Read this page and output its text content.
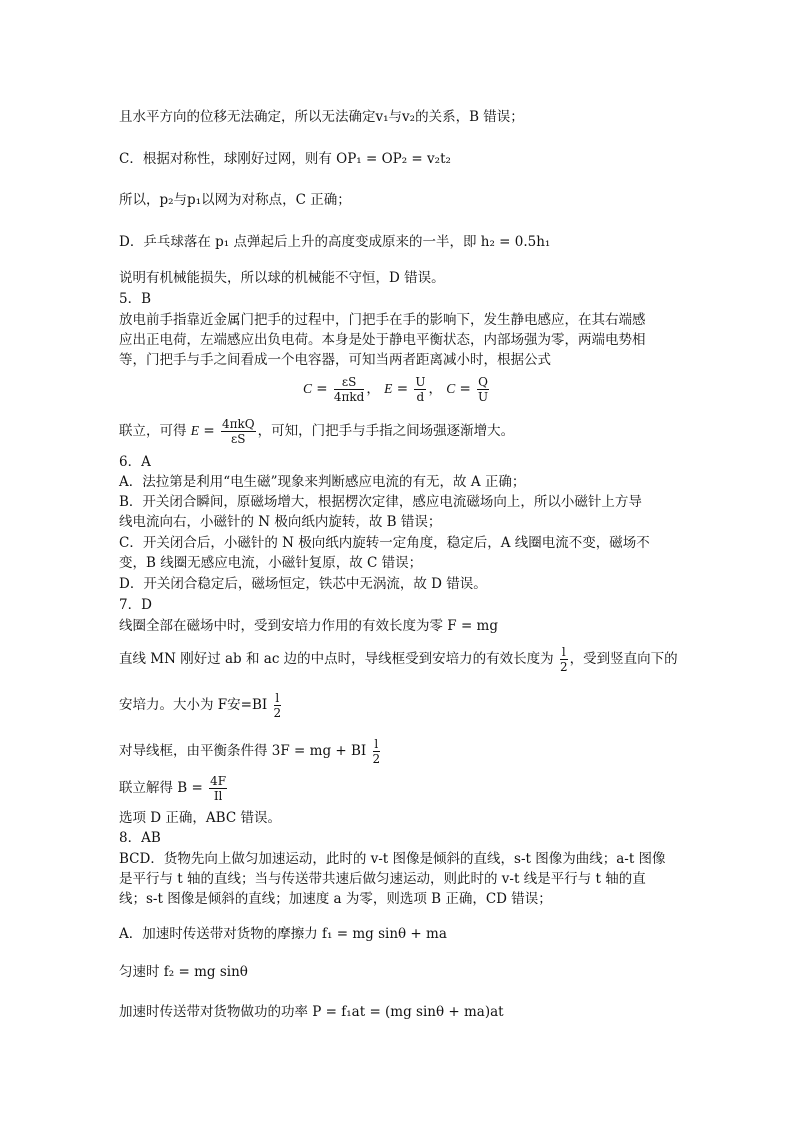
且水平方向的位移无法确定，所以无法确定v₁与v₂的关系，B 错误；
C．根据对称性，球刚好过网，则有 OP₁ = OP₂ = v₂t₂
所以，p₂与p₁以网为对称点，C 正确；
D．乒乓球落在 p₁ 点弹起后上升的高度变成原来的一半，即 h₂ = 0.5h₁
说明有机械能损失，所以球的机械能不守恒，D 错误。
5．B
放电前手指靠近金属门把手的过程中，门把手在手的影响下，发生静电感应，在其右端感
应出正电荷，左端感应出负电荷。本身是处于静电平衡状态，内部场强为零，两端电势相
等，门把手与手之间看成一个电容器，可知当两者距离减小时，根据公式
$C = \frac{\varepsilon S}{\text{4πkd}}$ ， $E = \frac{U}{d}$ ， $C = \frac{Q}{U}$
联立，可得 $E = \frac{\text{4πkQ}}{\varepsilon S}$ ，可知，门把手与手指之间场强逐渐增大。
6．A
A．法拉第是利用“电生磁”现象来判断感应电流的有无，故 A 正确；
B．开关闭合瞬间，原磁场增大，根据楞次定律，感应电流磁场向上，所以小磁针上方导
线电流向右，小磁针的 N 极向纸内旋转，故 B 错误；
C．开关闭合后，小磁针的 N 极向纸内旋转一定角度，稳定后，A 线圈电流不变，磁场不
变，B 线圈无感应电流，小磁针复原，故 C 错误；
D．开关闭合稳定后，磁场恒定，铁芯中无涡流，故 D 错误。
7．D
线圈全部在磁场中时，受到安培力作用的有效长度为零 F = mg
直线 MN 刚好过 ab 和 ac 边的中点时，导线框受到安培力的有效长度为 $\frac{l}{2}$ ，受到竖直向下的
安培力。大小为 F安$=BI \frac{l}{2}$
对导线框，由平衡条件得 3F = mg + BI $\frac{l}{2}$
联立解得 $B = \frac{4F}{Il}$
选项 D 正确，ABC 错误。
8．AB
BCD．货物先向上做匀加速运动，此时的 v-t 图像是倾斜的直线，s-t 图像为曲线；a-t 图像
是平行与 t 轴的直线；当与传送带共速后做匀速运动，则此时的 v-t 线是平行与 t 轴的直
线；s-t 图像是倾斜的直线；加速度 a 为零，则选项 B 正确，CD 错误；
A．加速时传送带对货物的摩擦力 f₁ = mg sinθ + ma
匀速时 f₂ = mg sinθ
加速时传送带对货物做功的功率 P = f₁at = (mg sinθ + ma)at
